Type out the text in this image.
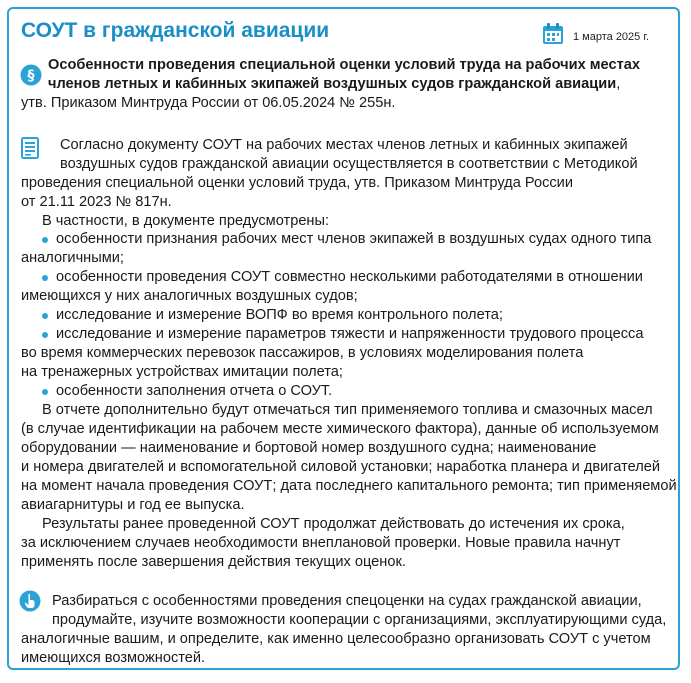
СОУТ в гражданской авиации	1 марта 2025 г.
§
Особенности проведения специальной оценки условий труда на рабочих местах
членов летных и кабинных экипажей воздушных судов гражданской авиации,
утв. Приказом Минтруда России от 06.05.2024 № 255н.
Согласно документу СОУТ на рабочих местах членов летных и кабинных экипажей
воздушных судов гражданской авиации осуществляется в соответствии с Методикой
проведения специальной оценки условий труда, утв. Приказом Минтруда России
от 21.11 2023 № 817н.
В частности, в документе предусмотрены:
особенности признания рабочих мест членов экипажей в воздушных судах одного типа
аналогичными;
особенности проведения СОУТ совместно несколькими работодателями в отношении
имеющихся у них аналогичных воздушных судов;
исследование и измерение ВОПФ во время контрольного полета;
исследование и измерение параметров тяжести и напряженности трудового процесса
во время коммерческих перевозок пассажиров, в условиях моделирования полета
на тренажерных устройствах имитации полета;
особенности заполнения отчета о СОУТ.
В отчете дополнительно будут отмечаться тип применяемого топлива и смазочных масел
(в случае идентификации на рабочем месте химического фактора), данные об используемом
оборудовании — наименование и бортовой номер воздушного судна; наименование
и номера двигателей и вспомогательной силовой установки; наработка планера и двигателей
на момент начала проведения СОУТ; дата последнего капитального ремонта; тип применяемой
авиагарнитуры и год ее выпуска.
Результаты ранее проведенной СОУТ продолжат действовать до истечения их срока,
за исключением случаев необходимости внеплановой проверки. Новые правила начнут
применять после завершения действия текущих оценок.
Разбираться с особенностями проведения спецоценки на судах гражданской авиации,
продумайте, изучите возможности кооперации с организациями, эксплуатирующими суда,
аналогичные вашим, и определите, как именно целесообразно организовать СОУТ с учетом
имеющихся возможностей.
